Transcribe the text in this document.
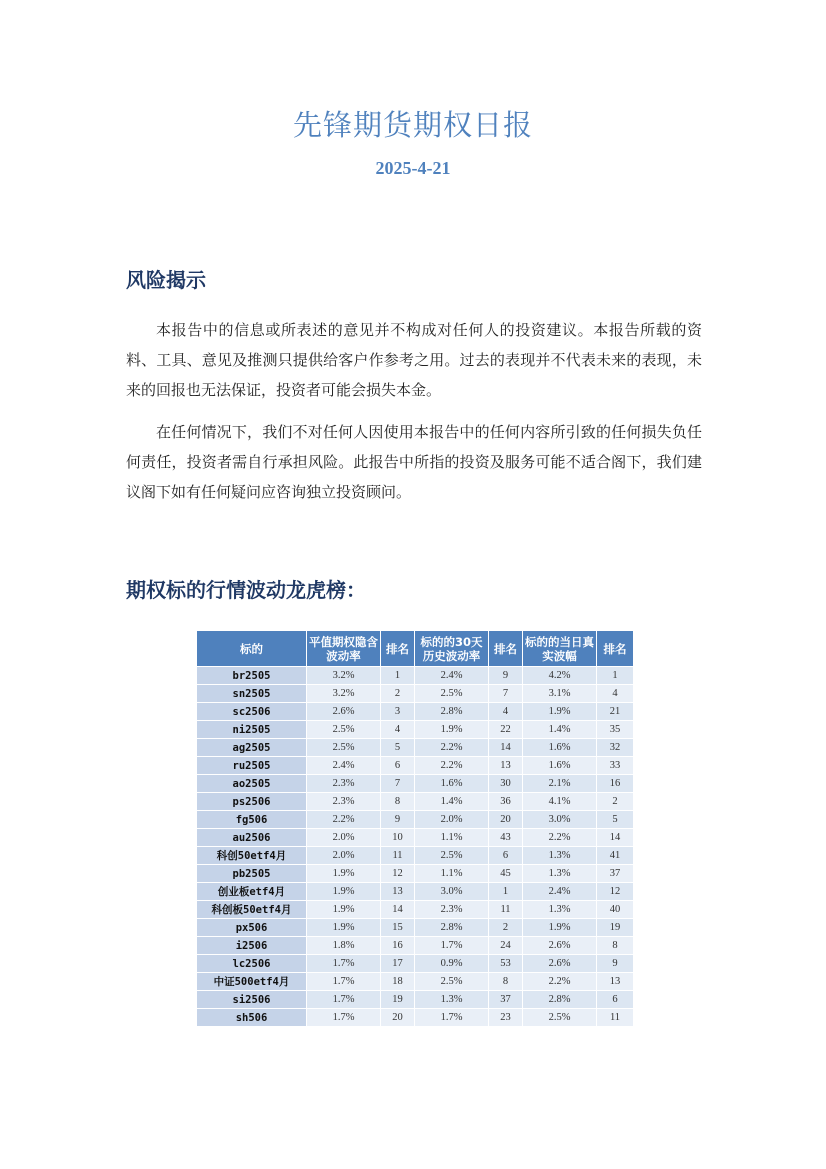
先锋期货期权日报
2025-4-21
风险揭示

本报告中的信息或所表述的意见并不构成对任何人的投资建议。本报告所载的资料、工具、意见及推测只提供给客户作参考之用。过去的表现并不代表未来的表现，未来的回报也无法保证，投资者可能会损失本金。

在任何情况下，我们不对任何人因使用本报告中的任何内容所引致的任何损失负任何责任，投资者需自行承担风险。此报告中所指的投资及服务可能不适合阁下，我们建议阁下如有任何疑问应咨询独立投资顾问。

期权标的行情波动龙虎榜：
标的	平值期权隐含波动率	排名	标的的30天历史波动率	排名	标的的当日真实波幅	排名
br2505	3.2%	1	2.4%	9	4.2%	1
sn2505	3.2%	2	2.5%	7	3.1%	4
sc2506	2.6%	3	2.8%	4	1.9%	21
ni2505	2.5%	4	1.9%	22	1.4%	35
ag2505	2.5%	5	2.2%	14	1.6%	32
ru2505	2.4%	6	2.2%	13	1.6%	33
ao2505	2.3%	7	1.6%	30	2.1%	16
ps2506	2.3%	8	1.4%	36	4.1%	2
fg506	2.2%	9	2.0%	20	3.0%	5
au2506	2.0%	10	1.1%	43	2.2%	14
科创50etf4月	2.0%	11	2.5%	6	1.3%	41
pb2505	1.9%	12	1.1%	45	1.3%	37
创业板etf4月	1.9%	13	3.0%	1	2.4%	12
科创板50etf4月	1.9%	14	2.3%	11	1.3%	40
px506	1.9%	15	2.8%	2	1.9%	19
i2506	1.8%	16	1.7%	24	2.6%	8
lc2506	1.7%	17	0.9%	53	2.6%	9
中证500etf4月	1.7%	18	2.5%	8	2.2%	13
si2506	1.7%	19	1.3%	37	2.8%	6
sh506	1.7%	20	1.7%	23	2.5%	11
